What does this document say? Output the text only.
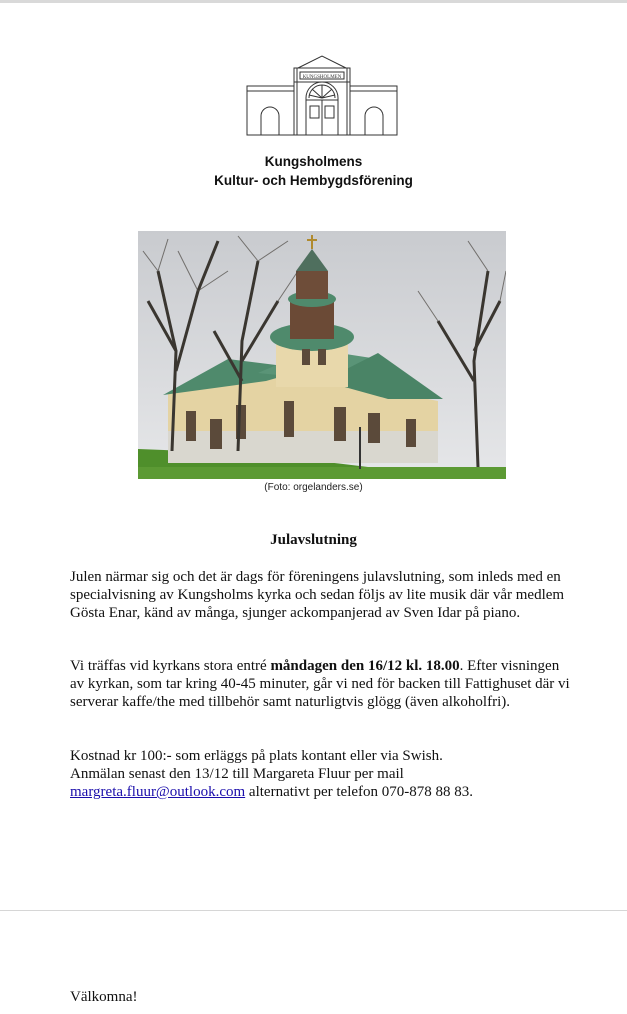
KUNGSHOLMEN
Kungsholmens
Kultur- och Hembygdsförening
(Foto: orgelanders.se)
Julavslutning

Julen närmar sig och det är dags för föreningens julavslutning, som inleds med en specialvisning av Kungsholms kyrka och sedan följs av lite musik där vår medlem Gösta Enar, känd av många, sjunger ackompanjerad av Sven Idar på piano.

Vi träffas vid kyrkans stora entré måndagen den 16/12 kl. 18.00. Efter visningen av kyrkan, som tar kring 40-45 minuter, går vi ned för backen till Fattighuset där vi serverar kaffe/the med tillbehör samt naturligtvis glögg (även alkoholfri).

Kostnad kr 100:- som erläggs på plats kontant eller via Swish.
Anmälan senast den 13/12 till Margareta Fluur per mail
margreta.fluur@outlook.com alternativt per telefon 070-878 88 83.

Välkomna!
